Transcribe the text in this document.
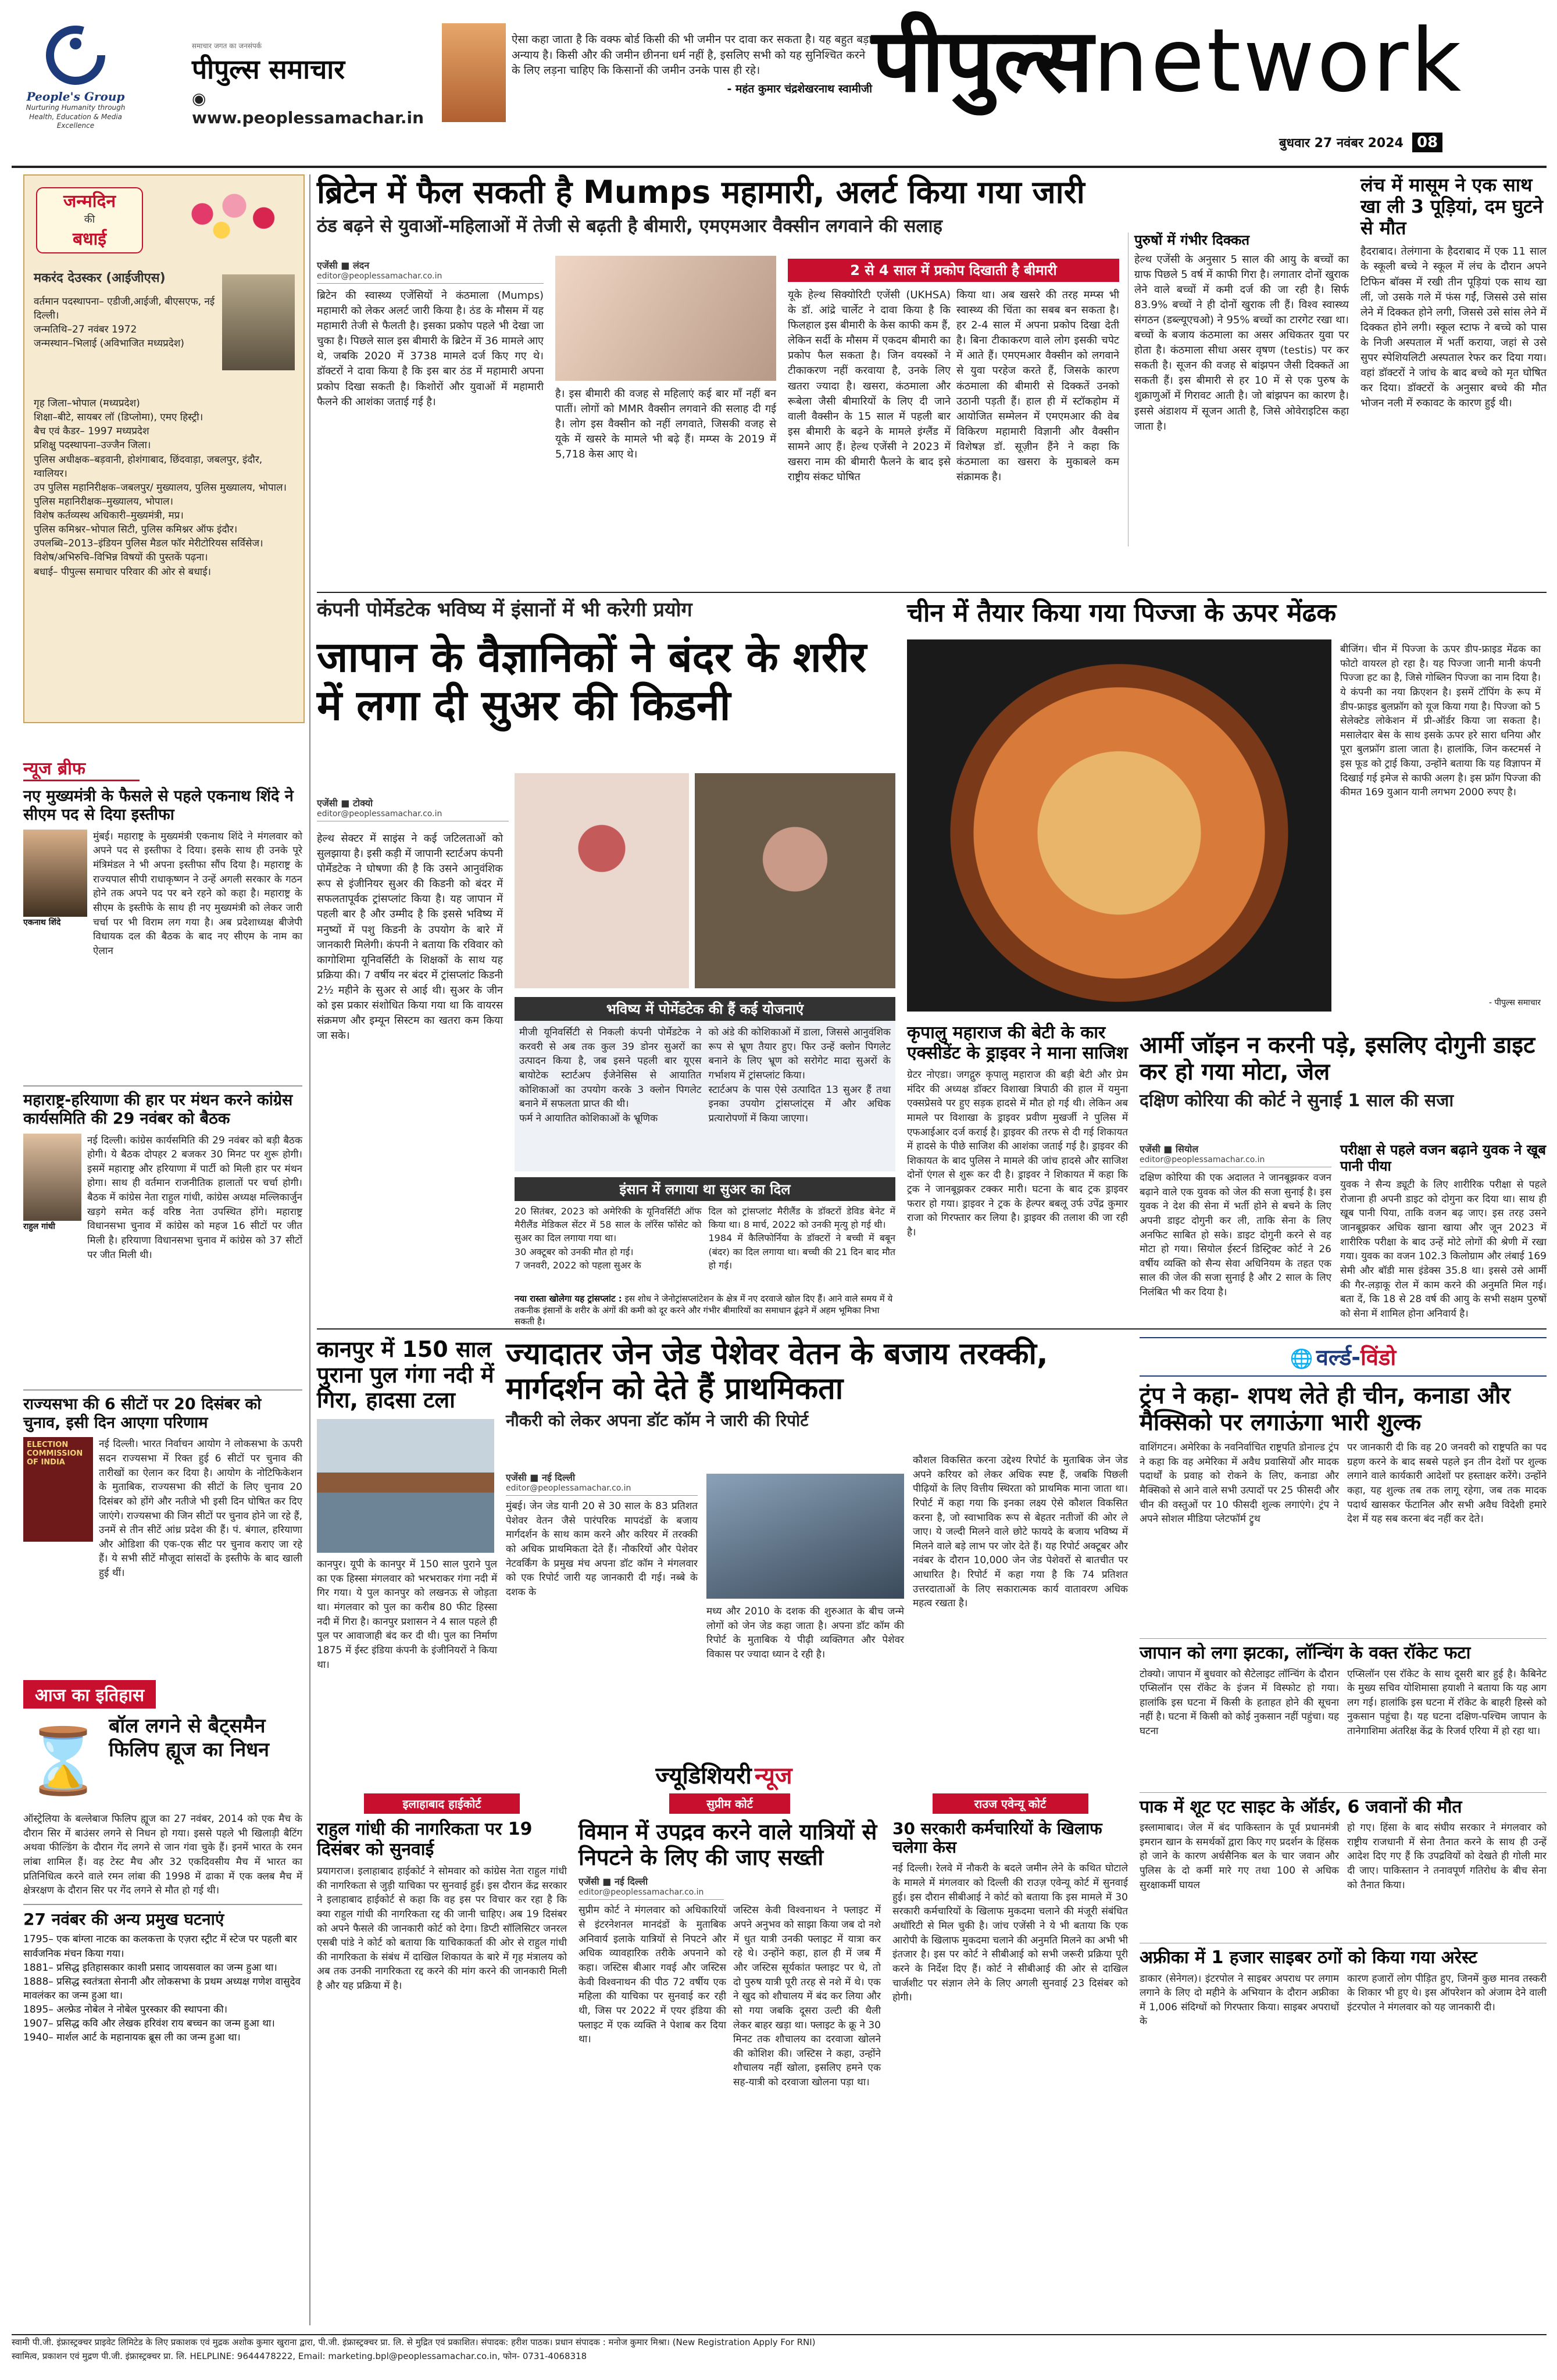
People's Group
Nurturing Humanity through Health, Education & Media Excellence
समाचार जगत का जनसंपर्क
पीपुल्स समाचार
◉ www.peoplessamachar.in
ऐसा कहा जाता है कि वक्फ बोर्ड किसी की भी जमीन पर दावा कर सकता है। यह बहुत बड़ा अन्याय है। किसी और की जमीन छीनना धर्म नहीं है, इसलिए सभी को यह सुनिश्चित करने के लिए लड़ना चाहिए कि किसानों की जमीन उनके पास ही रहे।
- महंत कुमार चंद्रशेखरनाथ स्वामीजी पीपुल्सnetwork
बुधवार 27 नवंबर 2024 08
जन्मदिन
की
बधाई
मकरंद देउस्कर (आईजीएस)
वर्तमान पदस्थापना– एडीजी,आईजी, बीएसएफ, नई दिल्ली।
जन्मतिथि–27 नवंबर 1972
जन्मस्थान–भिलाई (अविभाजित मध्यप्रदेश)
गृह जिला–भोपाल (मध्यप्रदेश)
शिक्षा–बीटे, सायबर लॉ (डिप्लोमा), एमए हिस्ट्री।
बैच एवं कैडर– 1997 मध्यप्रदेश
प्रशिक्षु पदस्थापना–उज्जैन जिला।
पुलिस अधीक्षक–बड़वानी, होशंगाबाद, छिंदवाड़ा, जबलपुर, इंदौर, ग्वालियर।
उप पुलिस महानिरीक्षक–जबलपुर/ मुख्यालय, पुलिस मुख्यालय, भोपाल।
पुलिस महानिरीक्षक–मुख्यालय, भोपाल।
विशेष कर्तव्यस्थ अधिकारी–मुख्यमंत्री, मप्र।
पुलिस कमिश्नर–भोपाल सिटी, पुलिस कमिश्नर ऑफ इंदौर।
उपलब्धि–2013–इंडियन पुलिस मैडल फॉर मेरीटोरियस सर्विसेज।
विशेष/अभिरुचि–विभिन्न विषयों की पुस्तकें पढ़ना।
बधाई– पीपुल्स समाचार परिवार की ओर से बधाई।
न्यूज ब्रीफ
नए मुख्यमंत्री के फैसले से पहले एकनाथ शिंदे ने सीएम पद से दिया इस्तीफा
एकनाथ शिंदे
मुंबई। महाराष्ट्र के मुख्यमंत्री एकनाथ शिंदे ने मंगलवार को अपने पद से इस्तीफा दे दिया। इसके साथ ही उनके पूरे मंत्रिमंडल ने भी अपना इस्तीफा सौंप दिया है। महाराष्ट्र के राज्यपाल सीपी राधाकृष्णन ने उन्हें अगली सरकार के गठन होने तक अपने पद पर बने रहने को कहा है। महाराष्ट्र के सीएम के इस्तीफे के साथ ही नए मुख्यमंत्री को लेकर जारी चर्चा पर भी विराम लग गया है। अब प्रदेशाध्यक्ष बीजेपी विधायक दल की बैठक के बाद नए सीएम के नाम का ऐलान
महाराष्ट्र-हरियाणा की हार पर मंथन करने कांग्रेस कार्यसमिति की 29 नवंबर को बैठक
राहुल गांधी
नई दिल्ली। कांग्रेस कार्यसमिति की 29 नवंबर को बड़ी बैठक होगी। ये बैठक दोपहर 2 बजकर 30 मिनट पर शुरू होगी। इसमें महाराष्ट्र और हरियाणा में पार्टी को मिली हार पर मंथन होगा। साथ ही वर्तमान राजनीतिक हालातों पर चर्चा होगी। बैठक में कांग्रेस नेता राहुल गांधी, कांग्रेस अध्यक्ष मल्लिकार्जुन खड़गे समेत कई वरिष्ठ नेता उपस्थित होंगे। महाराष्ट्र विधानसभा चुनाव में कांग्रेस को महज 16 सीटों पर जीत मिली है। हरियाणा विधानसभा चुनाव में कांग्रेस को 37 सीटों पर जीत मिली थी।
राज्यसभा की 6 सीटों पर 20 दिसंबर को चुनाव, इसी दिन आएगा परिणाम
ELECTION COMMISSION OF INDIA
नई दिल्ली। भारत निर्वाचन आयोग ने लोकसभा के ऊपरी सदन राज्यसभा में रिक्त हुई 6 सीटों पर चुनाव की तारीखों का ऐलान कर दिया है। आयोग के नोटिफिकेशन के मुताबिक, राज्यसभा की सीटों के लिए चुनाव 20 दिसंबर को होंगे और नतीजे भी इसी दिन घोषित कर दिए जाएंगे। राज्यसभा की जिन सीटों पर चुनाव होने जा रहे हैं, उनमें से तीन सीटें आंध्र प्रदेश की हैं। पं. बंगाल, हरियाणा और ओडिशा की एक-एक सीट पर चुनाव कराए जा रहे हैं। ये सभी सीटें मौजूदा सांसदों के इस्तीफे के बाद खाली हुई थीं।
आज का इतिहास
⌛ बॉल लगने से बैट्समैन फिलिप ह्यूज का निधन
ऑस्ट्रेलिया के बल्लेबाज फिलिप ह्यूज का 27 नवंबर, 2014 को एक मैच के दौरान सिर में बाउंसर लगने से निधन हो गया। इससे पहले भी खिलाड़ी बैटिंग अथवा फील्डिंग के दौरान गेंद लगने से जान गंवा चुके हैं। इनमें भारत के रमन लांबा शामिल हैं। वह टेस्ट मैच और 32 एकदिवसीय मैच में भारत का प्रतिनिधित्व करने वाले रमन लांबा की 1998 में ढाका में एक क्लब मैच में क्षेत्ररक्षण के दौरान सिर पर गेंद लगने से मौत हो गई थी।
27 नवंबर की अन्य प्रमुख घटनाएं
1795– एक बांग्ला नाटक का कलकत्ता के एज़रा स्ट्रीट में स्टेज पर पहली बार सार्वजनिक मंचन किया गया।
1881– प्रसिद्ध इतिहासकार काशी प्रसाद जायसवाल का जन्म हुआ था।
1888– प्रसिद्ध स्वतंत्रता सेनानी और लोकसभा के प्रथम अध्यक्ष गणेश वासुदेव मावलंकर का जन्म हुआ था।
1895– अल्फ्रेड नोबेल ने नोबेल पुरस्कार की स्थापना की।
1907– प्रसिद्ध कवि और लेखक हरिवंश राय बच्चन का जन्म हुआ था।
1940– मार्शल आर्ट के महानायक ब्रूस ली का जन्म हुआ था।
ब्रिटेन में फैल सकती है Mumps महामारी, अलर्ट किया गया जारी
ठंड बढ़ने से युवाओं-महिलाओं में तेजी से बढ़ती है बीमारी, एमएमआर वैक्सीन लगवाने की सलाह
एजेंसी ■ लंदन
editor@peoplessamachar.co.in
ब्रिटेन की स्वास्थ्य एजेंसियों ने कंठमाला (Mumps) महामारी को लेकर अलर्ट जारी किया है। ठंड के मौसम में यह महामारी तेजी से फैलती है। इसका प्रकोप पहले भी देखा जा चुका है। पिछले साल इस बीमारी के ब्रिटेन में 36 मामले आए थे, जबकि 2020 में 3738 मामले दर्ज किए गए थे। डॉक्टरों ने दावा किया है कि इस बार ठंड में महामारी अपना प्रकोप दिखा सकती है। किशोरों और युवाओं में महामारी फैलने की आशंका जताई गई है।
है। इस बीमारी की वजह से महिलाएं कई बार माँ नहीं बन पातीं। लोगों को MMR वैक्सीन लगवाने की सलाह दी गई है। लोग इस वैक्सीन को नहीं लगवाते, जिसकी वजह से यूके में खसरे के मामले भी बढ़े हैं। मम्प्स के 2019 में 5,718 केस आए थे।
2 से 4 साल में प्रकोप दिखाती है बीमारी
यूके हेल्थ सिक्योरिटी एजेंसी (UKHSA) के डॉ. आंद्रे चार्लेट ने दावा किया है कि फिलहाल इस बीमारी के केस काफी कम हैं, लेकिन सर्दी के मौसम में एकदम बीमारी का प्रकोप फैल सकता है। जिन वयस्कों ने टीकाकरण नहीं करवाया है, उनके लिए खतरा ज्यादा है। खसरा, कंठमाला और रूबेला जैसी बीमारियों के लिए दी जाने वाली वैक्सीन के 15 साल में पहली बार इस बीमारी के बढ़ने के मामले इंग्लैंड में सामने आए हैं। हेल्थ एजेंसी ने 2023 में खसरा नाम की बीमारी फैलने के बाद इसे राष्ट्रीय संकट घोषित
किया था। अब खसरे की तरह मम्प्स भी स्वास्थ्य की चिंता का सबब बन सकता है। हर 2-4 साल में अपना प्रकोप दिखा देती है। बिना टीकाकरण वाले लोग इसकी चपेट में आते हैं। एमएमआर वैक्सीन को लगवाने से युवा परहेज करते हैं, जिसके कारण कंठमाला की बीमारी से दिक्कतें उनको उठानी पड़ती हैं। हाल ही में स्टॉकहोम में आयोजित सम्मेलन में एमएमआर की वेब विकिरण महामारी विज्ञानी और वैक्सीन विशेषज्ञ डॉ. सूज़ीन हैंने ने कहा कि कंठमाला का खसरा के मुकाबले कम संक्रामक है।
पुरुषों में गंभीर दिक्कत
हेल्थ एजेंसी के अनुसार 5 साल की आयु के बच्चों का ग्राफ पिछले 5 वर्ष में काफी गिरा है। लगातार दोनों खुराक लेने वाले बच्चों में कमी दर्ज की जा रही है। सिर्फ 83.9% बच्चों ने ही दोनों खुराक ली हैं। विश्व स्वास्थ्य संगठन (डब्ल्यूएचओ) ने 95% बच्चों का टारगेट रखा था। बच्चों के बजाय कंठमाला का असर अधिकतर युवा पर होता है। कंठमाला सीधा असर वृषण (testis) पर कर सकती है। सूजन की वजह से बांझपन जैसी दिक्कतें आ सकती हैं। इस बीमारी से हर 10 में से एक पुरुष के शुक्राणुओं में गिरावट आती है। जो बांझपन का कारण है। इससे अंडाशय में सूजन आती है, जिसे ओवेराइटिस कहा जाता है।
लंच में मासूम ने एक साथ खा ली 3 पूड़ियां, दम घुटने से मौत
हैदराबाद। तेलंगाना के हैदराबाद में एक 11 साल के स्कूली बच्चे ने स्कूल में लंच के दौरान अपने टिफिन बॉक्स में रखी तीन पूड़ियां एक साथ खा लीं, जो उसके गले में फंस गईं, जिससे उसे सांस लेने में दिक्कत होने लगी, जिससे उसे सांस लेने में दिक्कत होने लगी। स्कूल स्टाफ ने बच्चे को पास के निजी अस्पताल में भर्ती कराया, जहां से उसे सुपर स्पेशियलिटी अस्पताल रेफर कर दिया गया। वहां डॉक्टरों ने जांच के बाद बच्चे को मृत घोषित कर दिया। डॉक्टरों के अनुसार बच्चे की मौत भोजन नली में रुकावट के कारण हुई थी।
कंपनी पोर्मेडटेक भविष्य में इंसानों में भी करेगी प्रयोग
जापान के वैज्ञानिकों ने बंदर के शरीर में लगा दी सुअर की किडनी
एजेंसी ■ टोक्यो
editor@peoplessamachar.co.in
हेल्थ सेक्टर में साइंस ने कई जटिलताओं को सुलझाया है। इसी कड़ी में जापानी स्टार्टअप कंपनी पोर्मेडटेक ने घोषणा की है कि उसने आनुवंशिक रूप से इंजीनियर सुअर की किडनी को बंदर में सफलतापूर्वक ट्रांसप्लांट किया है। यह जापान में पहली बार है और उम्मीद है कि इससे भविष्य में मनुष्यों में पशु किडनी के उपयोग के बारे में जानकारी मिलेगी। कंपनी ने बताया कि रविवार को कागोशिमा यूनिवर्सिटी के शिक्षकों के साथ यह प्रक्रिया की। 7 वर्षीय नर बंदर में ट्रांसप्लांट किडनी 2½ महीने के सुअर से आई थी। सुअर के जीन को इस प्रकार संशोधित किया गया था कि वायरस संक्रमण और इम्यून सिस्टम का खतरा कम किया जा सके।
भविष्य में पोर्मेडटेक की हैं कई योजनाएं
मीजी यूनिवर्सिटी से निकली कंपनी पोर्मेडटेक ने करवरी से अब तक कुल 39 डोनर सुअरों का उत्पादन किया है, जब इसने पहली बार यूएस बायोटेक स्टार्टअप ईजेनेसिस से आयातित कोशिकाओं का उपयोग करके 3 क्लोन पिगलेट बनाने में सफलता प्राप्त की थी।
फर्म ने आयातित कोशिकाओं के भ्रूणिक
को अंडे की कोशिकाओं में डाला, जिससे आनुवंशिक रूप से भ्रूण तैयार हुए। फिर उन्हें क्लोन पिगलेट बनाने के लिए भ्रूण को सरोगेट मादा सुअरों के गर्भाशय में ट्रांसप्लांट किया।
स्टार्टअप के पास ऐसे उत्पादित 13 सुअर हैं तथा इनका उपयोग ट्रांसप्लांट्स में और अधिक प्रत्यारोपणों में किया जाएगा।
इंसान में लगाया था सुअर का दिल
20 सितंबर, 2023 को अमेरिकी के यूनिवर्सिटी ऑफ मैरीलैंड मेडिकल सेंटर में 58 साल के लॉरेंस फॉसेट को सुअर का दिल लगाया गया था।
30 अक्टूबर को उनकी मौत हो गई।
7 जनवरी, 2022 को पहला सुअर के
दिल को ट्रांसप्लांट मैरीलैंड के डॉक्टरों डेविड बेनेट में किया था। 8 मार्च, 2022 को उनकी मृत्यु हो गई थी।
1984 में कैलिफोर्निया के डॉक्टरों ने बच्ची में बबून (बंदर) का दिल लगाया था। बच्ची की 21 दिन बाद मौत हो गई।
नया रास्ता खोलेगा यह ट्रांसप्लांट : इस शोध ने जेनोट्रांसप्लांटेशन के क्षेत्र में नए दरवाजे खोल दिए हैं। आने वाले समय में ये तकनीक इंसानों के शरीर के अंगों की कमी को दूर करने और गंभीर बीमारियों का समाधान ढूंढ़ने में अहम भूमिका निभा सकती है।
चीन में तैयार किया गया पिज्जा के ऊपर मेंढक
बीजिंग। चीन में पिज्जा के ऊपर डीप-फ्राइड मेंढक का फोटो वायरल हो रहा है। यह पिज्जा जानी मानी कंपनी पिज्जा हट का है, जिसे गोब्लिन पिज्जा का नाम दिया है। ये कंपनी का नया क्रिएशन है। इसमें टॉपिंग के रूप में डीप-फ्राइड बुलफ्रॉग को यूज किया गया है। पिज्जा को 5 सेलेक्टेड लोकेशन में प्री-ऑर्डर किया जा सकता है। मसालेदार बेस के साथ इसके ऊपर हरे सारा धनिया और पूरा बुलफ्रॉग डाला जाता है। हालांकि, जिन कस्टमर्स ने इस फूड को ट्राई किया, उन्होंने बताया कि यह विज्ञापन में दिखाई गई इमेज से काफी अलग है। इस फ्रॉग पिज्जा की कीमत 169 युआन यानी लगभग 2000 रुपए है।
- पीपुल्स समाचार
कृपालु महाराज की बेटी के कार एक्सीडेंट के ड्राइवर ने माना साजिश
ग्रेटर नोएडा। जगद्गुरु कृपालु महाराज की बड़ी बेटी और प्रेम मंदिर की अध्यक्ष डॉक्टर विशाखा त्रिपाठी की हाल में यमुना एक्सप्रेसवे पर हुए सड़क हादसे में मौत हो गई थी। लेकिन अब मामले पर विशाखा के ड्राइवर प्रवीण मुखर्जी ने पुलिस में एफआईआर दर्ज कराई है। ड्राइवर की तरफ से दी गई शिकायत में हादसे के पीछे साजिश की आशंका जताई गई है। ड्राइवर की शिकायत के बाद पुलिस ने मामले की जांच हादसे और साजिश दोनों एंगल से शुरू कर दी है। ड्राइवर ने शिकायत में कहा कि ट्रक ने जानबूझकर टक्कर मारी। घटना के बाद ट्रक ड्राइवर फरार हो गया। ड्राइवर ने ट्रक के हेल्पर बबलू उर्फ उपेंद्र कुमार राजा को गिरफ्तार कर लिया है। ड्राइवर की तलाश की जा रही है।
आर्मी जॉइन न करनी पड़े, इसलिए दोगुनी डाइट कर हो गया मोटा, जेल
दक्षिण कोरिया की कोर्ट ने सुनाई 1 साल की सजा
एजेंसी ■ सियोल
editor@peoplessamachar.co.in
दक्षिण कोरिया की एक अदालत ने जानबूझकर वजन बढ़ाने वाले एक युवक को जेल की सजा सुनाई है। इस युवक ने देश की सेना में भर्ती होने से बचने के लिए अपनी डाइट दोगुनी कर ली, ताकि सेना के लिए अनफिट साबित हो सके। डाइट दोगुनी करने से वह मोटा हो गया। सियोल ईस्टर्न डिस्ट्रिक्ट कोर्ट ने 26 वर्षीय व्यक्ति को सैन्य सेवा अधिनियम के तहत एक साल की जेल की सजा सुनाई है और 2 साल के लिए निलंबित भी कर दिया है।
परीक्षा से पहले वजन बढ़ाने युवक ने खूब पानी पीया
युवक ने सैन्य ड्यूटी के लिए शारीरिक परीक्षा से पहले रोजाना ही अपनी डाइट को दोगुना कर दिया था। साथ ही खूब पानी पिया, ताकि वजन बढ़ जाए। इस तरह उसने जानबूझकर अधिक खाना खाया और जून 2023 में शारीरिक परीक्षा के बाद उन्हें मोटे लोगों की श्रेणी में रखा गया। युवक का वजन 102.3 किलोग्राम और लंबाई 169 सेमी और बॉडी मास इंडेक्स 35.8 था। इससे उसे आर्मी की गैर-लड़ाकू रोल में काम करने की अनुमति मिल गई। बता दें, कि 18 से 28 वर्ष की आयु के सभी सक्षम पुरुषों को सेना में शामिल होना अनिवार्य है।
कानपुर में 150 साल पुराना पुल गंगा नदी में गिरा, हादसा टला
कानपुर। यूपी के कानपुर में 150 साल पुराने पुल का एक हिस्सा मंगलवार को भरभराकर गंगा नदी में गिर गया। ये पुल कानपुर को लखनऊ से जोड़ता था। मंगलवार को पुल का करीब 80 फीट हिस्सा नदी में गिरा है। कानपुर प्रशासन ने 4 साल पहले ही पुल पर आवाजाही बंद कर दी थी। पुल का निर्माण 1875 में ईस्ट इंडिया कंपनी के इंजीनियरों ने किया था।
ज्यादातर जेन जेड पेशेवर वेतन के बजाय तरक्की, मार्गदर्शन को देते हैं प्राथमिकता
नौकरी को लेकर अपना डॉट कॉम ने जारी की रिपोर्ट
एजेंसी ■ नई दिल्ली
editor@peoplessamachar.co.in
मुंबई। जेन जेड यानी 20 से 30 साल के 83 प्रतिशत पेशेवर वेतन जैसे पारंपरिक मापदंडों के बजाय मार्गदर्शन के साथ काम करने और करियर में तरक्की को अधिक प्राथमिकता देते हैं। नौकरियों और पेशेवर नेटवर्किंग के प्रमुख मंच अपना डॉट कॉम ने मंगलवार को एक रिपोर्ट जारी यह जानकारी दी गई। नब्बे के दशक के
मध्य और 2010 के दशक की शुरुआत के बीच जन्मे लोगों को जेन जेड कहा जाता है। अपना डॉट कॉम की रिपोर्ट के मुताबिक ये पीढ़ी व्यक्तिगत और पेशेवर विकास पर ज्यादा ध्यान दे रही है।
कौशल विकसित करना उद्देश्य रिपोर्ट के मुताबिक जेन जेड अपने करियर को लेकर अधिक स्पष्ट हैं, जबकि पिछली पीढ़ियों के लिए वित्तीय स्थिरता को प्राथमिक माना जाता था। रिपोर्ट में कहा गया कि इनका लक्ष्य ऐसे कौशल विकसित करना है, जो स्वाभाविक रूप से बेहतर नतीजों की ओर ले जाए। ये जल्दी मिलने वाले छोटे फायदे के बजाय भविष्य में मिलने वाले बड़े लाभ पर जोर देते हैं। यह रिपोर्ट अक्टूबर और नवंबर के दौरान 10,000 जेन जेड पेशेवरों से बातचीत पर आधारित है। रिपोर्ट में कहा गया है कि 74 प्रतिशत उत्तरदाताओं के लिए सकारात्मक कार्य वातावरण अधिक महत्व रखता है।
🌐 वर्ल्ड-विंडो
ट्रंप ने कहा- शपथ लेते ही चीन, कनाडा और मैक्सिको पर लगाऊंगा भारी शुल्क
वाशिंगटन। अमेरिका के नवनिर्वाचित राष्ट्रपति डोनाल्ड ट्रंप ने कहा कि वह अमेरिका में अवैध प्रवासियों और मादक पदार्थों के प्रवाह को रोकने के लिए, कनाडा और मैक्सिको से आने वाले सभी उत्पादों पर 25 फीसदी और चीन की वस्तुओं पर 10 फीसदी शुल्क लगाएंगे। ट्रंप ने अपने सोशल मीडिया प्लेटफॉर्म ट्रुथ
पर जानकारी दी कि वह 20 जनवरी को राष्ट्रपति का पद ग्रहण करने के बाद सबसे पहले इन तीन देशों पर शुल्क लगाने वाले कार्यकारी आदेशों पर हस्ताक्षर करेंगे। उन्होंने कहा, यह शुल्क तब तक लागू रहेगा, जब तक मादक पदार्थ खासकर फेंटानिल और सभी अवैध विदेशी हमारे देश में यह सब करना बंद नहीं कर देते।
जापान को लगा झटका, लॉन्चिंग के वक्त रॉकेट फटा
टोक्यो। जापान में बुधवार को सैटेलाइट लॉन्चिंग के दौरान एप्सिलॉन एस रॉकेट के इंजन में विस्फोट हो गया। हालांकि इस घटना में किसी के हताहत होने की सूचना नहीं है। घटना में किसी को कोई नुकसान नहीं पहुंचा। यह घटना
एप्सिलॉन एस रॉकेट के साथ दूसरी बार हुई है। कैबिनेट के मुख्य सचिव योशिमासा हयाशी ने बताया कि यह आग लग गई। हालांकि इस घटना में रॉकेट के बाहरी हिस्से को नुकसान पहुंचा है। यह घटना दक्षिण-पश्चिम जापान के तानेगाशिमा अंतरिक्ष केंद्र के रिजर्व एरिया में हो रहा था।
पाक में शूट एट साइट के ऑर्डर, 6 जवानों की मौत
इस्लामाबाद। जेल में बंद पाकिस्तान के पूर्व प्रधानमंत्री इमरान खान के समर्थकों द्वारा किए गए प्रदर्शन के हिंसक हो जाने के कारण अर्धसैनिक बल के चार जवान और पुलिस के दो कर्मी मारे गए तथा 100 से अधिक सुरक्षाकर्मी घायल
हो गए। हिंसा के बाद संघीय सरकार ने मंगलवार को राष्ट्रीय राजधानी में सेना तैनात करने के साथ ही उन्हें आदेश दिए गए हैं कि उपद्रवियों को देखते ही गोली मार दी जाए। पाकिस्तान ने तनावपूर्ण गतिरोध के बीच सेना को तैनात किया।
अफ्रीका में 1 हजार साइबर ठगों को किया गया अरेस्ट
डाकार (सेनेगल)। इंटरपोल ने साइबर अपराध पर लगाम लगाने के लिए दो महीने के अभियान के दौरान अफ्रीका में 1,006 संदिग्धों को गिरफ्तार किया। साइबर अपराधों के
कारण हजारों लोग पीड़ित हुए, जिनमें कुछ मानव तस्करी के शिकार भी हुए थे। इस ऑपरेशन को अंजाम देने वाली इंटरपोल ने मंगलवार को यह जानकारी दी।
ज्यूडिशियरी न्यूज
इलाहाबाद हाईकोर्ट
राहुल गांधी की नागरिकता पर 19 दिसंबर को सुनवाई
प्रयागराज। इलाहाबाद हाईकोर्ट ने सोमवार को कांग्रेस नेता राहुल गांधी की नागरिकता से जुड़ी याचिका पर सुनवाई हुई। इस दौरान केंद्र सरकार ने इलाहाबाद हाईकोर्ट से कहा कि वह इस पर विचार कर रहा है कि क्या राहुल गांधी की नागरिकता रद्द की जानी चाहिए। अब 19 दिसंबर को अपने फैसले की जानकारी कोर्ट को देगा। डिप्टी सॉलिसिटर जनरल एसबी पांडे ने कोर्ट को बताया कि याचिकाकर्ता की ओर से राहुल गांधी की नागरिकता के संबंध में दाखिल शिकायत के बारे में गृह मंत्रालय को अब तक उनकी नागरिकता रद्द करने की मांग करने की जानकारी मिली है और यह प्रक्रिया में है।
सुप्रीम कोर्ट
विमान में उपद्रव करने वाले यात्रियों से निपटने के लिए की जाए सख्ती
एजेंसी ■ नई दिल्ली
editor@peoplessamachar.co.in
सुप्रीम कोर्ट ने मंगलवार को अधिकारियों से इंटरनेशनल मानदंडों के मुताबिक अनिवार्य इलाके यात्रियों से निपटने और अधिक व्यावहारिक तरीके अपनाने को कहा। जस्टिस बीआर गवई और जस्टिस केवी विश्वनाथन की पीठ 72 वर्षीय एक महिला की याचिका पर सुनवाई कर रही थी, जिस पर 2022 में एयर इंडिया की फ्लाइट में एक व्यक्ति ने पेशाब कर दिया था।
जस्टिस केवी विश्वनाथन ने फ्लाइट में अपने अनुभव को साझा किया जब दो नशे में धुत यात्री उनकी फ्लाइट में यात्रा कर रहे थे। उन्होंने कहा, हाल ही में जब मैं और जस्टिस सूर्यकांत फ्लाइट पर थे, तो दो पुरुष यात्री पूरी तरह से नशे में थे। एक ने खुद को शौचालय में बंद कर लिया और सो गया जबकि दूसरा उल्टी की थैली लेकर बाहर खड़ा था। फ्लाइट के क्रू ने 30 मिनट तक शौचालय का दरवाजा खोलने की कोशिश की। जस्टिस ने कहा, उन्होंने शौचालय नहीं खोला, इसलिए हमने एक सह-यात्री को दरवाजा खोलना पड़ा था।
राउज एवेन्यू कोर्ट
30 सरकारी कर्मचारियों के खिलाफ चलेगा केस
नई दिल्ली। रेलवे में नौकरी के बदले जमीन लेने के कथित घोटाले के मामले में मंगलवार को दिल्ली की राउज़ एवेन्यू कोर्ट में सुनवाई हुई। इस दौरान सीबीआई ने कोर्ट को बताया कि इस मामले में 30 सरकारी कर्मचारियों के खिलाफ मुकदमा चलाने की मंजूरी संबंधित अथॉरिटी से मिल चुकी है। जांच एजेंसी ने ये भी बताया कि एक आरोपी के खिलाफ मुकदमा चलाने की अनुमति मिलने का अभी भी इंतजार है। इस पर कोर्ट ने सीबीआई को सभी जरूरी प्रक्रिया पूरी करने के निर्देश दिए हैं। कोर्ट ने सीबीआई की ओर से दाखिल चार्जशीट पर संज्ञान लेने के लिए अगली सुनवाई 23 दिसंबर को होगी।
स्वामी पी.जी. इंफ्रास्ट्रक्चर प्राइवेट लिमिटेड के लिए प्रकाशक एवं मुद्रक अशोक कुमार खुराना द्वारा, पी.जी. इंफ्रास्ट्रक्चर प्रा. लि. से मुद्रित एवं प्रकाशित। संपादक: हरीश पाठक। प्रधान संपादक : मनोज कुमार मिश्रा। (New Registration Apply For RNI)
स्वामित्व, प्रकाशन एवं मुद्रण पी.जी. इंफ्रास्ट्रक्चर प्रा. लि. HELPLINE: 9644478222, Email: marketing.bpl@peoplessamachar.co.in, फोन- 0731-4068318
